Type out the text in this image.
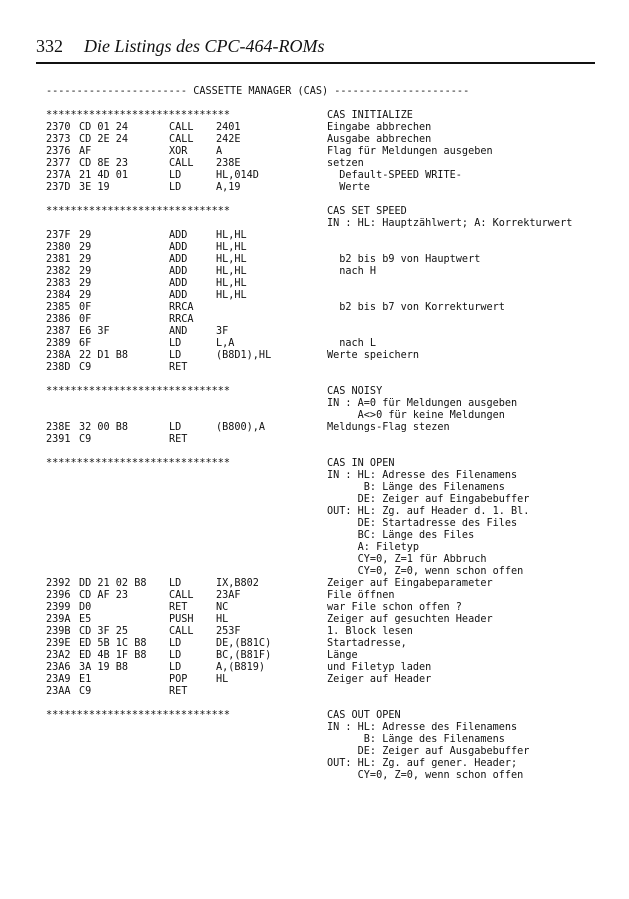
332 Die Listings des CPC-464-ROMs
----------------------- CASSETTE MANAGER (CAS) ----------------------
******************************	CAS INITIALIZE
2370 CD 01 24	CALL 2401	Eingabe abbrechen
2373 CD 2E 24	CALL 242E	Ausgabe abbrechen
2376 AF	XOR	A	Flag für Meldungen ausgeben
2377 CD 8E 23	CALL 238E	setzen
237A 21 4D 01	LD	HL,014D	Default-SPEED WRITE-
237D 3E 19	LD	A,19	Werte
******************************	CAS SET SPEED
IN : HL: Hauptzählwert; A: Korrekturwert
237F 29	ADD	HL,HL
2380 29	ADD	HL,HL
2381 29	ADD	HL,HL	b2 bis b9 von Hauptwert
2382 29	ADD	HL,HL	nach H
2383 29	ADD	HL,HL
2384 29	ADD	HL,HL
2385 0F	RRCA	b2 bis b7 von Korrekturwert
2386 0F	RRCA
2387 E6 3F	AND	3F
2389 6F	LD	L,A	nach L
238A 22 D1 B8	LD	(B8D1),HL	Werte speichern
238D C9	RET
******************************	CAS NOISY
IN : A=0 für Meldungen ausgeben
A<>0 für keine Meldungen
238E 32 00 B8	LD	(B800),A	Meldungs-Flag stezen
2391 C9	RET
******************************	CAS IN OPEN
IN : HL: Adresse des Filenamens
B: Länge des Filenamens
DE: Zeiger auf Eingabebuffer
OUT: HL: Zg. auf Header d. 1. Bl.
DE: Startadresse des Files
BC: Länge des Files
A: Filetyp
CY=0, Z=1 für Abbruch
CY=0, Z=0, wenn schon offen
2392 DD 21 02 B8 LD	IX,B802	Zeiger auf Eingabeparameter
2396 CD AF 23	CALL 23AF	File öffnen
2399 D0	RET	NC	war File schon offen ?
239A E5	PUSH HL	Zeiger auf gesuchten Header
239B CD 3F 25	CALL 253F	1. Block lesen
239E ED 5B 1C B8 LD	DE,(B81C)	Startadresse,
23A2 ED 4B 1F B8 LD	BC,(B81F)	Länge
23A6 3A 19 B8	LD	A,(B819)	und Filetyp laden
23A9 E1	POP	HL	Zeiger auf Header
23AA C9	RET
******************************	CAS OUT OPEN
IN : HL: Adresse des Filenamens
B: Länge des Filenamens
DE: Zeiger auf Ausgabebuffer
OUT: HL: Zg. auf gener. Header;
CY=0, Z=0, wenn schon offen
